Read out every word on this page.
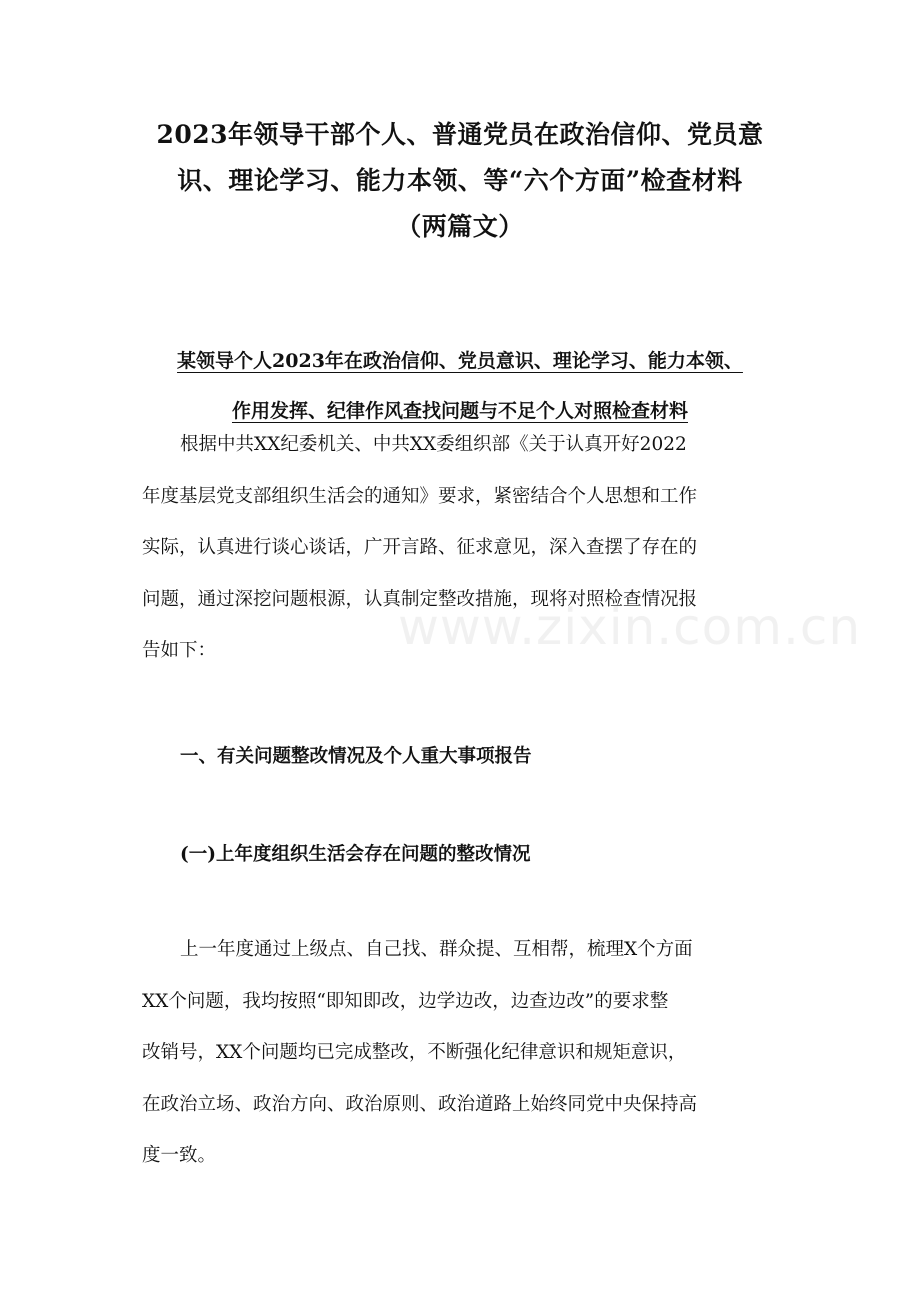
2023年领导干部个人、普通党员在政治信仰、党员意
识、理论学习、能力本领、等“六个方面”检查材料
（两篇文）
某领导个人2023年在政治信仰、党员意识、理论学习、能力本领、
作用发挥、纪律作风查找问题与不足个人对照检查材料
根据中共XX纪委机关、中共XX委组织部《关于认真开好2022
年度基层党支部组织生活会的通知》要求，紧密结合个人思想和工作
实际，认真进行谈心谈话，广开言路、征求意见，深入查摆了存在的
问题，通过深挖问题根源，认真制定整改措施，现将对照检查情况报
告如下：	www.zixin.com.cn
一、有关问题整改情况及个人重大事项报告
(一)上年度组织生活会存在问题的整改情况
上一年度通过上级点、自己找、群众提、互相帮，梳理X个方面
XX个问题，我均按照“即知即改，边学边改，边查边改”的要求整
改销号，XX个问题均已完成整改，不断强化纪律意识和规矩意识，
在政治立场、政治方向、政治原则、政治道路上始终同党中央保持高
度一致。
